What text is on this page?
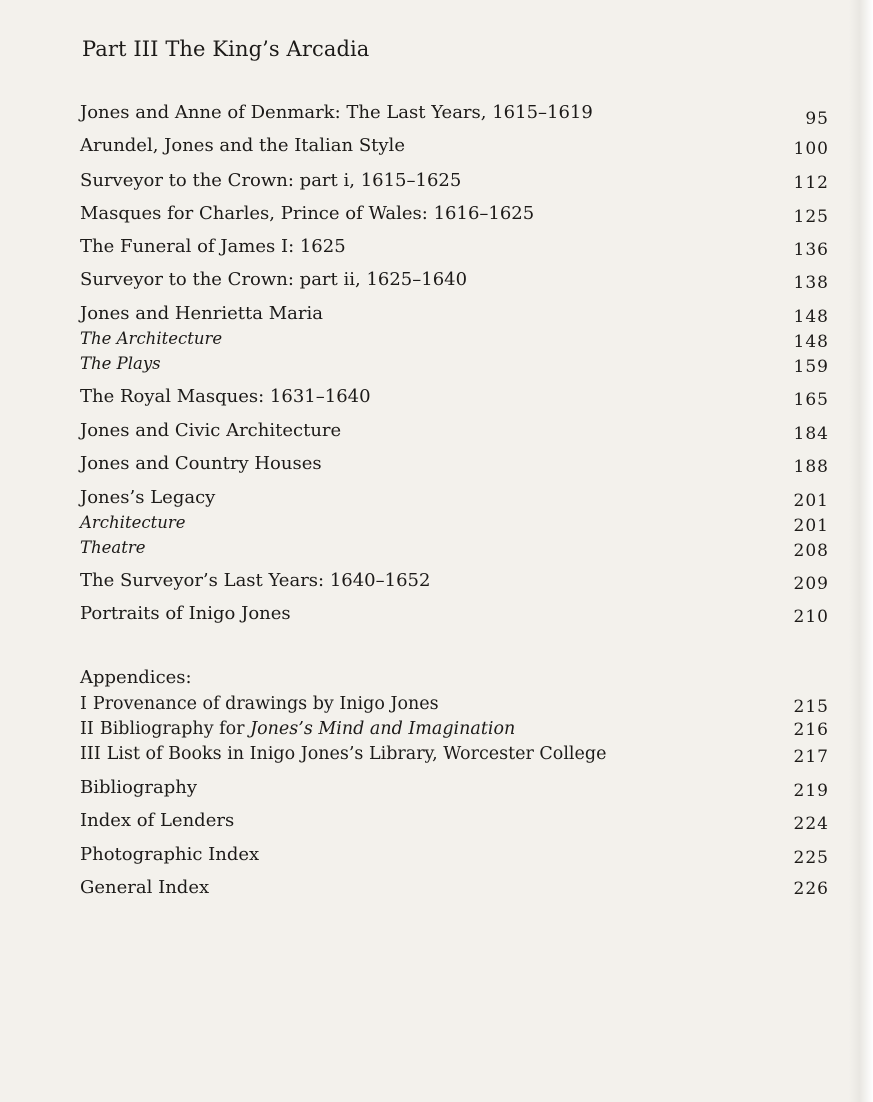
Part III The King’s Arcadia
Jones and Anne of Denmark: The Last Years, 1615–1619	95
Arundel, Jones and the Italian Style	100
Surveyor to the Crown: part i, 1615–1625	112
Masques for Charles, Prince of Wales: 1616–1625	125
The Funeral of James I: 1625	136
Surveyor to the Crown: part ii, 1625–1640	138
Jones and Henrietta Maria	148
The Architecture	148
The Plays	159
The Royal Masques: 1631–1640	165
Jones and Civic Architecture	184
Jones and Country Houses	188
Jones’s Legacy	201
Architecture	201
Theatre	208
The Surveyor’s Last Years: 1640–1652	209
Portraits of Inigo Jones	210
Appendices:
I Provenance of drawings by Inigo Jones	215
II Bibliography for Jones’s Mind and Imagination	216
III List of Books in Inigo Jones’s Library, Worcester College	217
Bibliography	219
Index of Lenders	224
Photographic Index	225
General Index	226
